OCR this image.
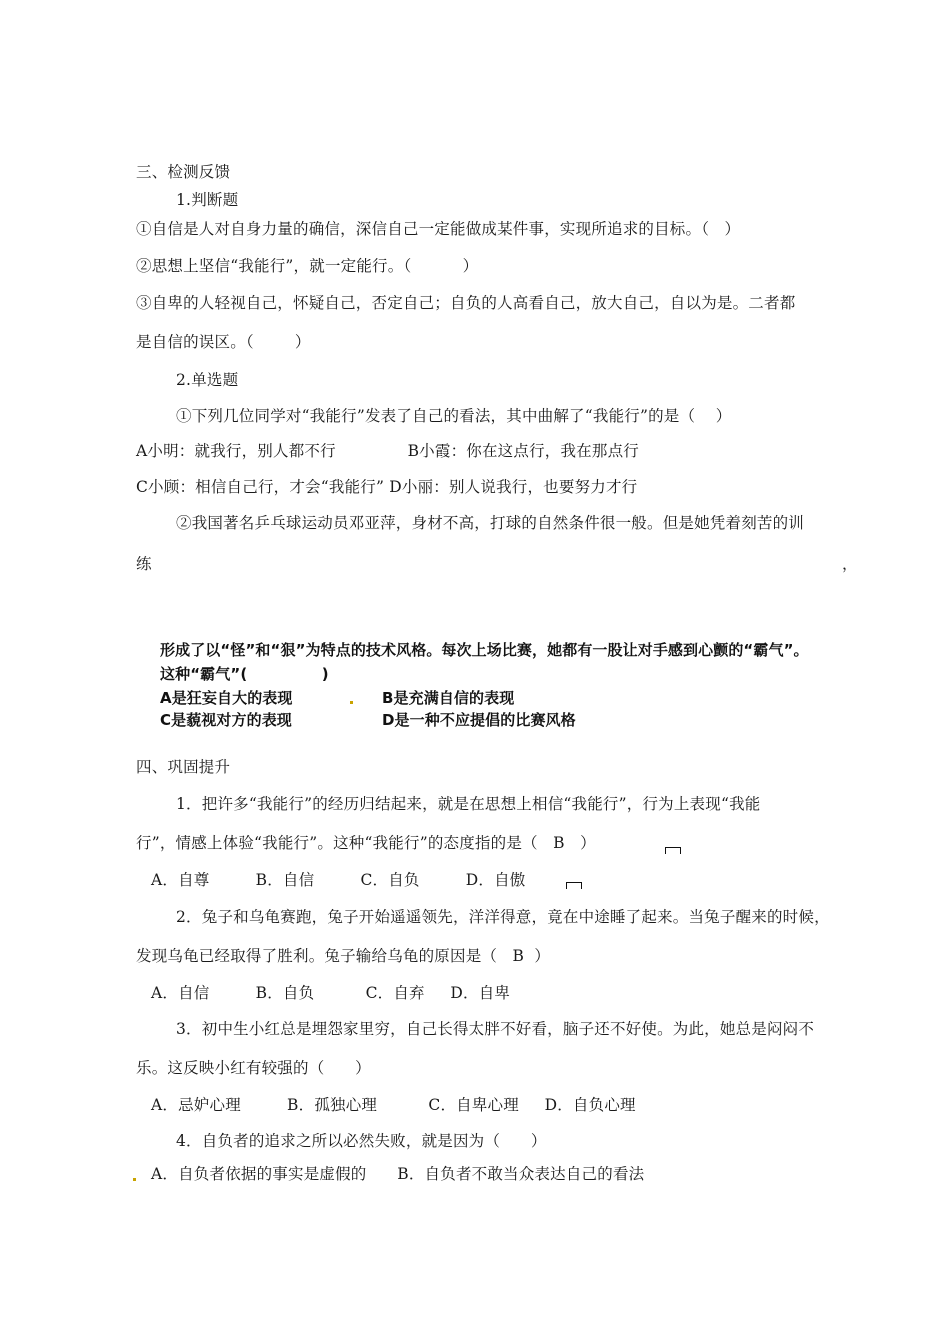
三、检测反馈
1.判断题
①自信是人对自身力量的确信，深信自己一定能做成某件事，实现所追求的目标。（   ）
②思想上坚信“我能行”，就一定能行。（          ）
③自卑的人轻视自己，怀疑自己，否定自己；自负的人高看自己，放大自己，自以为是。二者都
是自信的误区。（        ）
2.单选题
①下列几位同学对“我能行”发表了自己的看法，其中曲解了“我能行”的是（    ）
A小明：就我行，别人都不行              B小霞：你在这点行，我在那点行
C小顾：相信自己行，才会“我能行” D小丽：别人说我行，也要努力才行
②我国著名乒乓球运动员邓亚萍，身材不高，打球的自然条件很一般。但是她凭着刻苦的训
练	，
形成了以“怪”和“狠”为特点的技术风格。每次上场比赛，她都有一股让对手感到心颤的“霸气”。
这种“霸气”(              )
A是狂妄自大的表现	B是充满自信的表现
C是藐视对方的表现	D是一种不应提倡的比赛风格
四、巩固提升
1．把许多“我能行”的经历归结起来，就是在思想上相信“我能行”，行为上表现“我能
行”，情感上体验“我能行”。这种“我能行”的态度指的是（   B   ）
A．自尊         B．自信         C．自负         D．自傲
2．兔子和乌龟赛跑，兔子开始遥遥领先，洋洋得意，竟在中途睡了起来。当兔子醒来的时候，
发现乌龟已经取得了胜利。兔子输给乌龟的原因是（   B  ）
A．自信         B．自负          C．自弃     D．自卑
3．初中生小红总是埋怨家里穷，自己长得太胖不好看，脑子还不好使。为此，她总是闷闷不
乐。这反映小红有较强的（      ）
A．忌妒心理         B．孤独心理          C．自卑心理     D．自负心理
4．自负者的追求之所以必然失败，就是因为（      ）
A．自负者依据的事实是虚假的      B．自负者不敢当众表达自己的看法
